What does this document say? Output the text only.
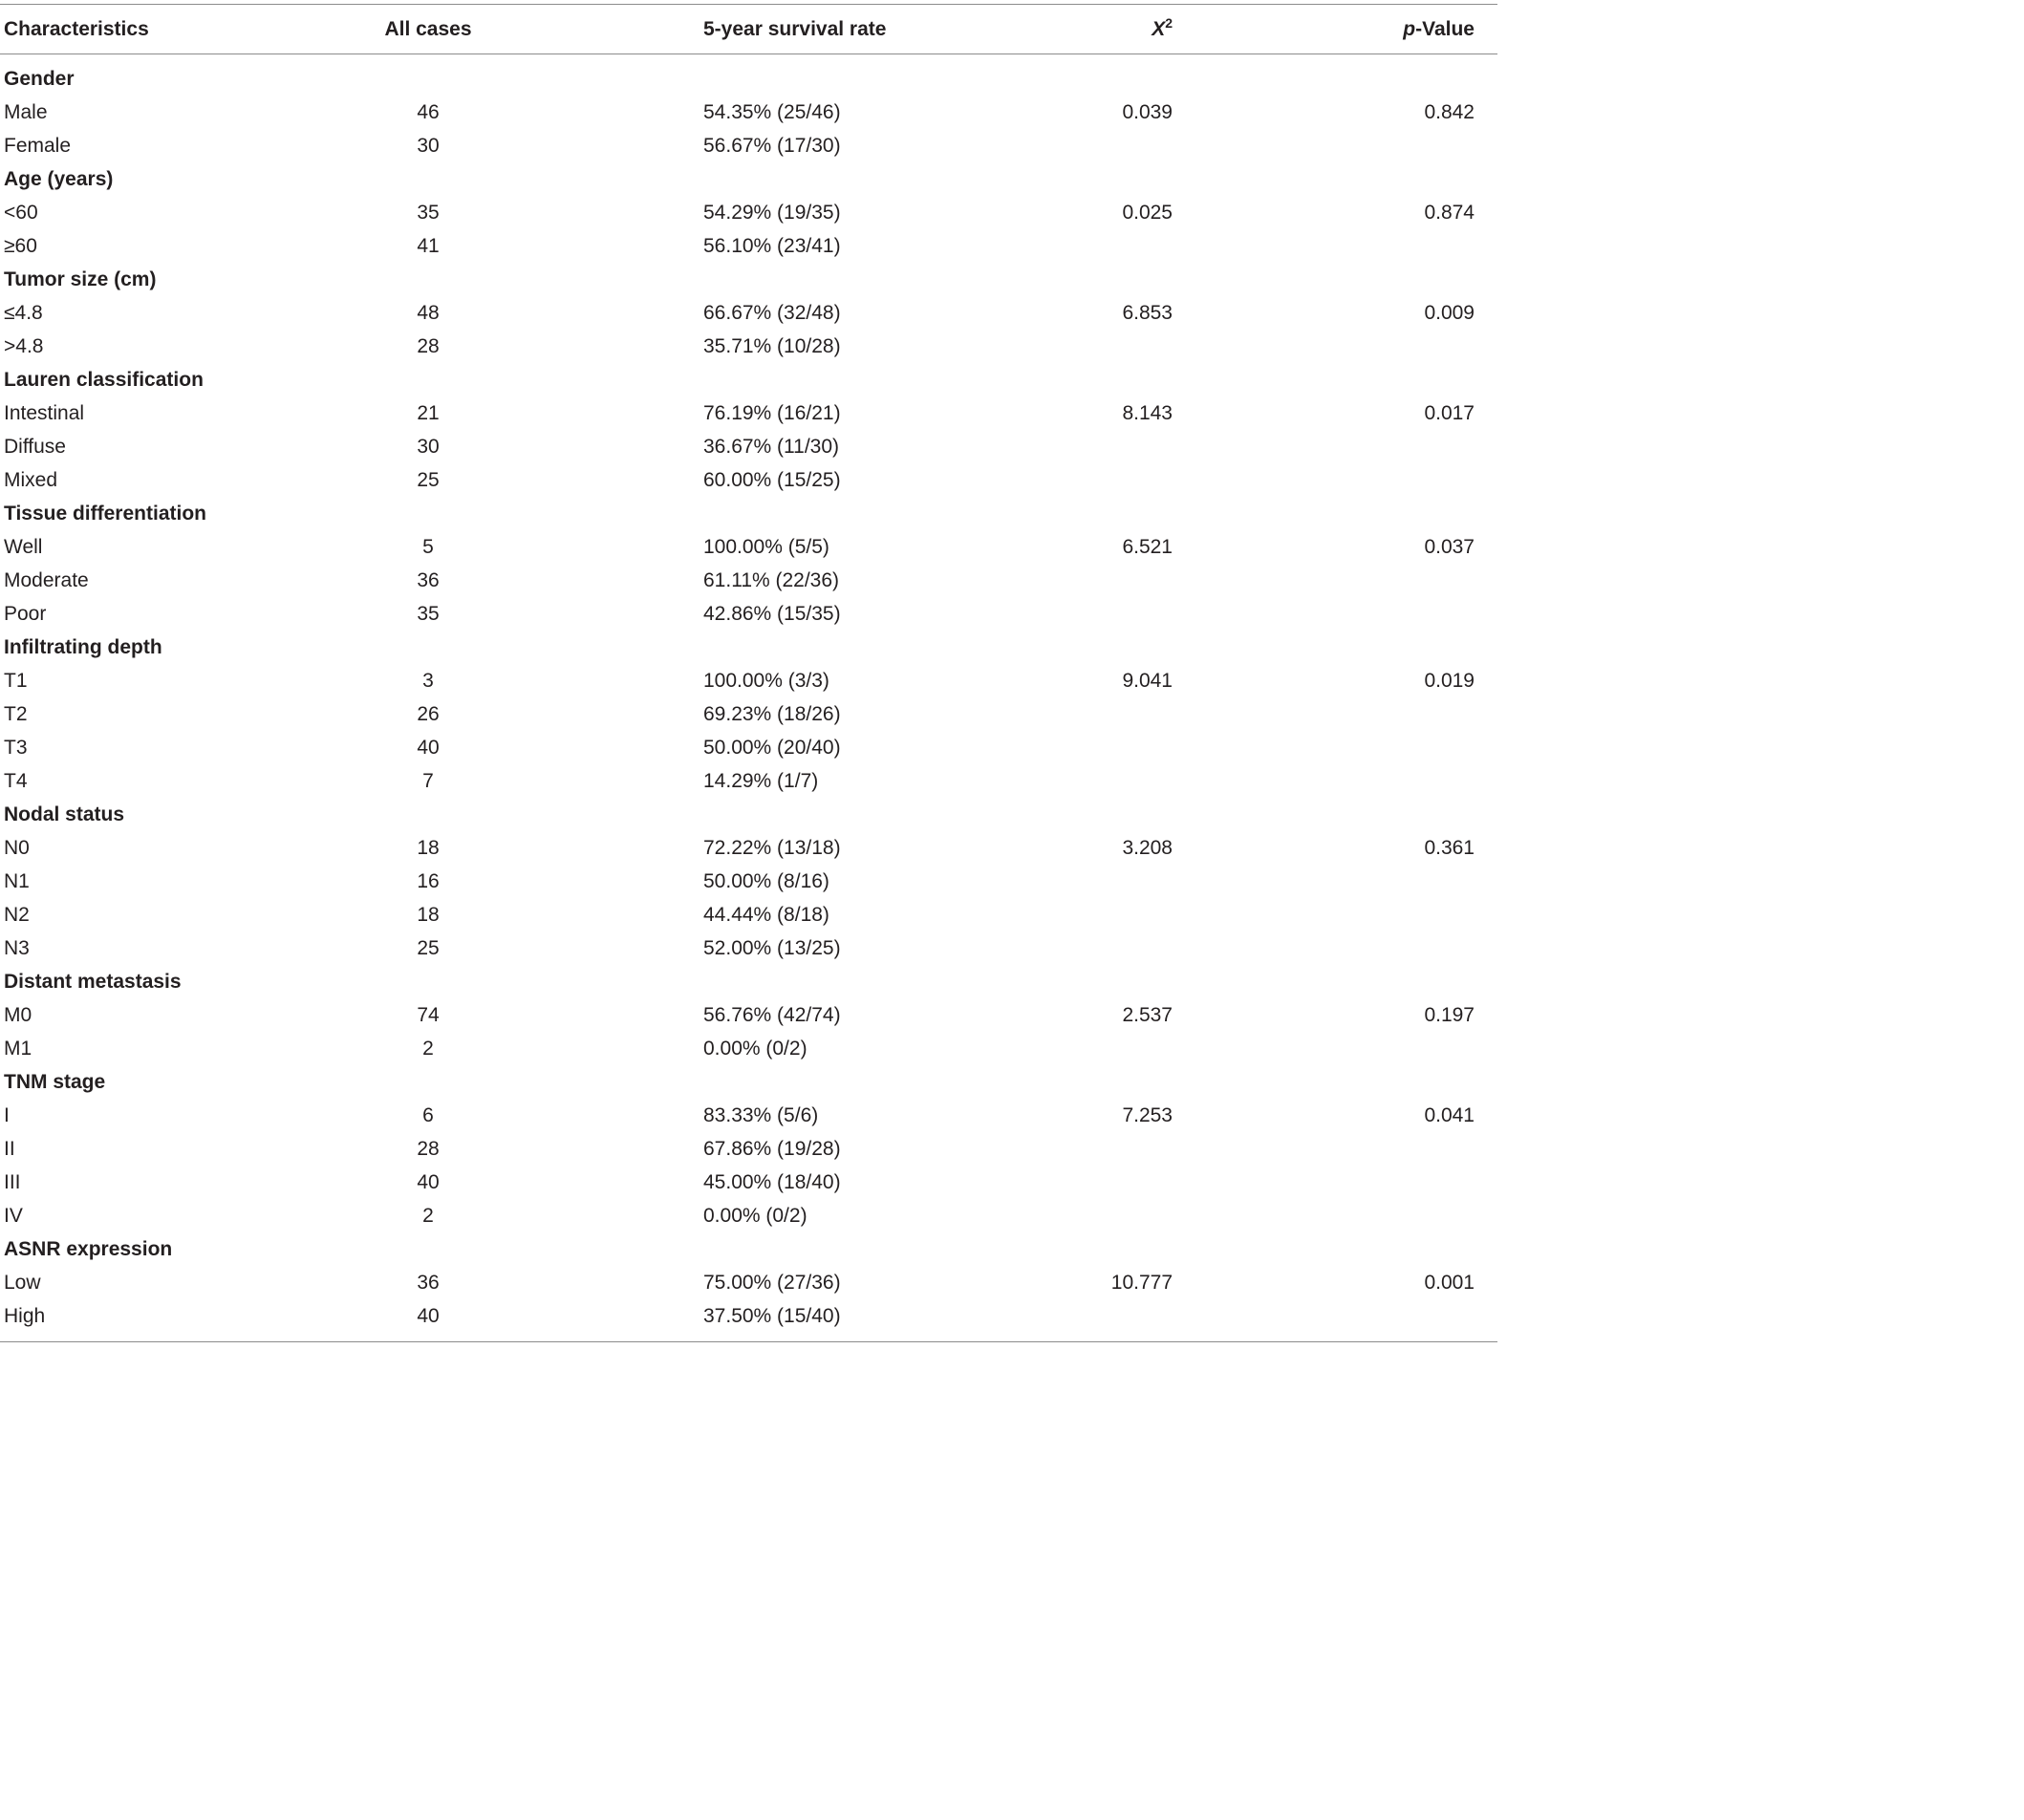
Characteristics	All cases	5-year survival rate	$X^2$	p-Value
Gender
Male	46	54.35% (25/46)	0.039	0.842
Female	30	56.67% (17/30)
Age (years)
<60	35	54.29% (19/35)	0.025	0.874
≥60	41	56.10% (23/41)
Tumor size (cm)
≤4.8	48	66.67% (32/48)	6.853	0.009
>4.8	28	35.71% (10/28)
Lauren classification
Intestinal	21	76.19% (16/21)	8.143	0.017
Diffuse	30	36.67% (11/30)
Mixed	25	60.00% (15/25)
Tissue differentiation
Well	5	100.00% (5/5)	6.521	0.037
Moderate	36	61.11% (22/36)
Poor	35	42.86% (15/35)
Infiltrating depth
T1	3	100.00% (3/3)	9.041	0.019
T2	26	69.23% (18/26)
T3	40	50.00% (20/40)
T4	7	14.29% (1/7)
Nodal status
N0	18	72.22% (13/18)	3.208	0.361
N1	16	50.00% (8/16)
N2	18	44.44% (8/18)
N3	25	52.00% (13/25)
Distant metastasis
M0	74	56.76% (42/74)	2.537	0.197
M1	2	0.00% (0/2)
TNM stage
I	6	83.33% (5/6)	7.253	0.041
II	28	67.86% (19/28)
III	40	45.00% (18/40)
IV	2	0.00% (0/2)
ASNR expression
Low	36	75.00% (27/36)	10.777	0.001
High	40	37.50% (15/40)
